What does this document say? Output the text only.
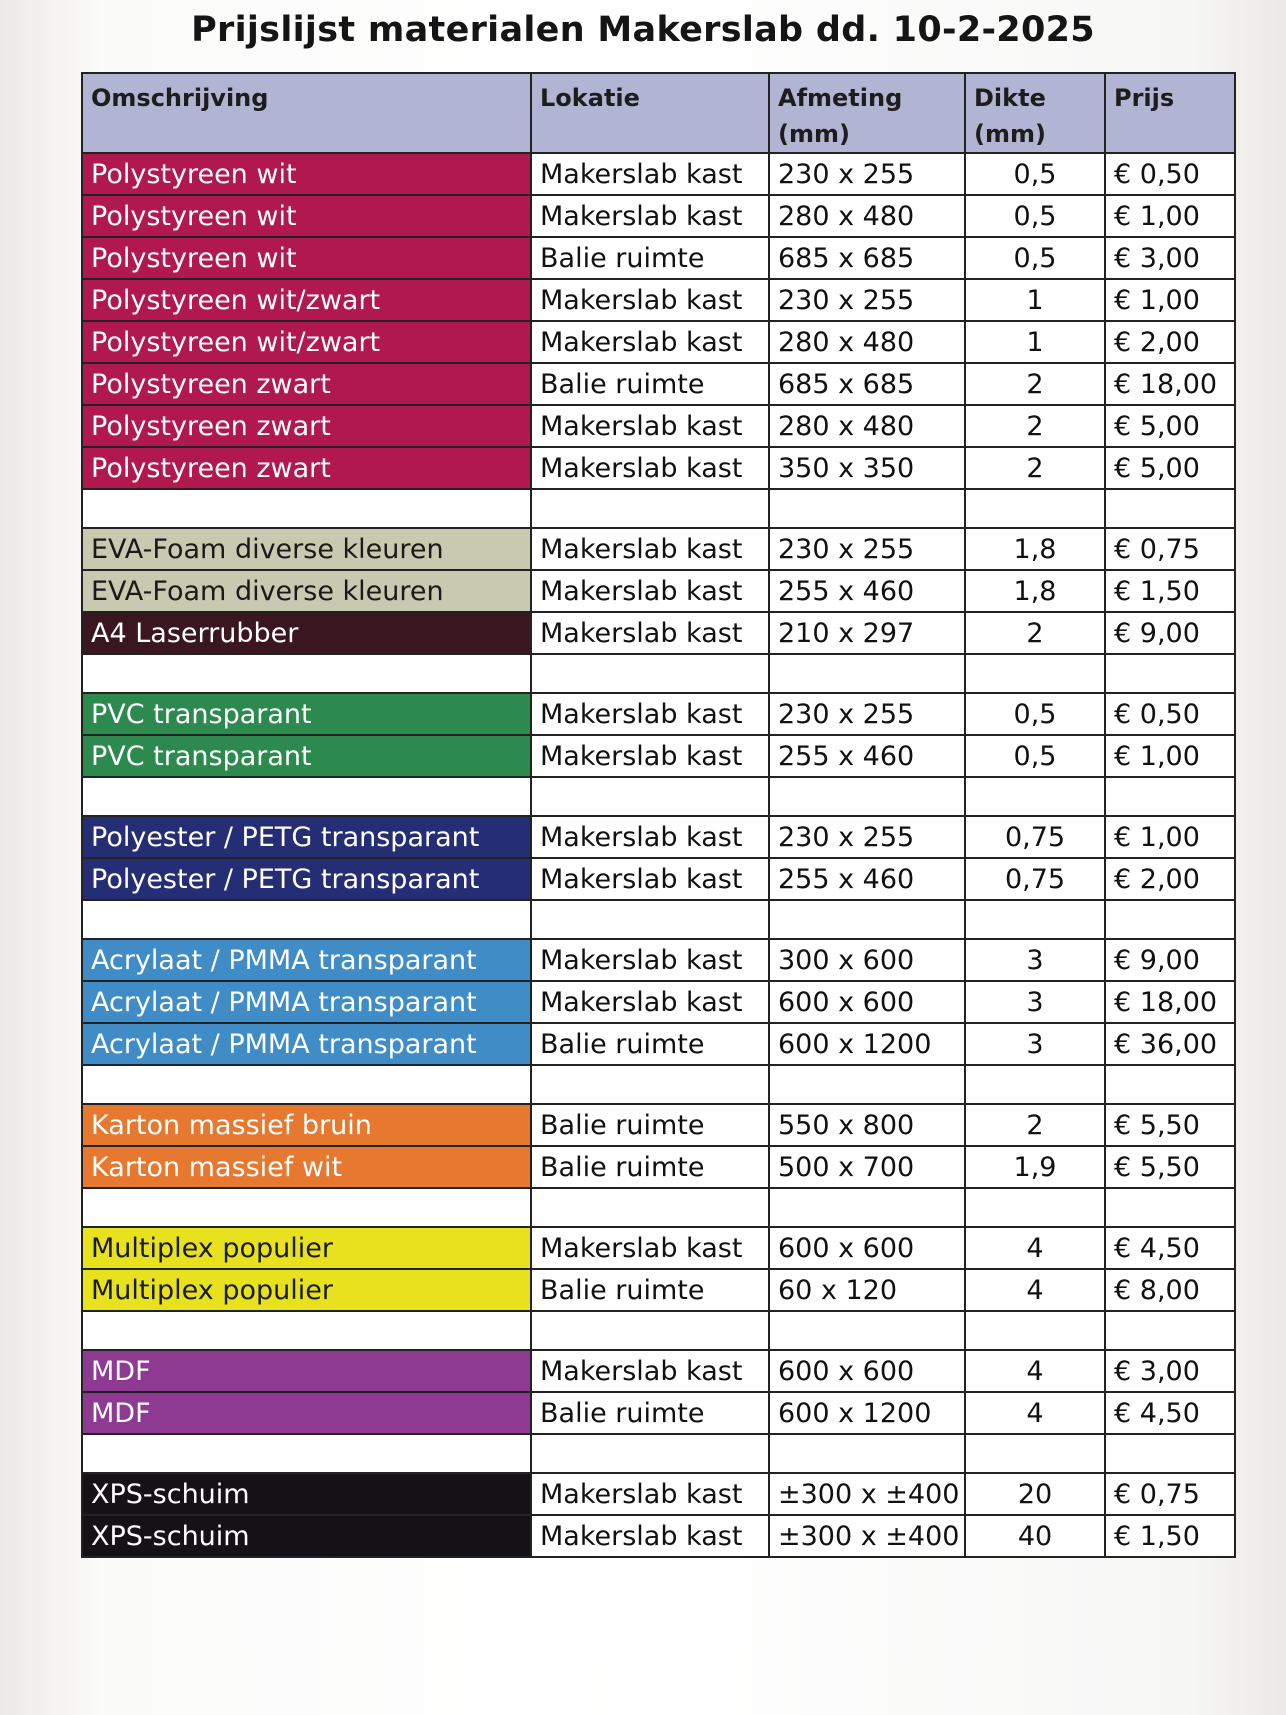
Prijslijst materialen Makerslab dd. 10-2-2025
Omschrijving	Lokatie	Afmeting (mm)	Dikte (mm)	Prijs
Polystyreen wit	Makerslab kast	230 x 255	0,5	€ 0,50
Polystyreen wit	Makerslab kast	280 x 480	0,5	€ 1,00
Polystyreen wit	Balie ruimte	685 x 685	0,5	€ 3,00
Polystyreen wit/zwart	Makerslab kast	230 x 255	1	€ 1,00
Polystyreen wit/zwart	Makerslab kast	280 x 480	1	€ 2,00
Polystyreen zwart	Balie ruimte	685 x 685	2	€ 18,00
Polystyreen zwart	Makerslab kast	280 x 480	2	€ 5,00
Polystyreen zwart	Makerslab kast	350 x 350	2	€ 5,00

EVA-Foam diverse kleuren	Makerslab kast	230 x 255	1,8	€ 0,75
EVA-Foam diverse kleuren	Makerslab kast	255 x 460	1,8	€ 1,50
A4 Laserrubber	Makerslab kast	210 x 297	2	€ 9,00

PVC transparant	Makerslab kast	230 x 255	0,5	€ 0,50
PVC transparant	Makerslab kast	255 x 460	0,5	€ 1,00

Polyester / PETG transparant	Makerslab kast	230 x 255	0,75	€ 1,00
Polyester / PETG transparant	Makerslab kast	255 x 460	0,75	€ 2,00

Acrylaat / PMMA transparant	Makerslab kast	300 x 600	3	€ 9,00
Acrylaat / PMMA transparant	Makerslab kast	600 x 600	3	€ 18,00
Acrylaat / PMMA transparant	Balie ruimte	600 x 1200	3	€ 36,00

Karton massief bruin	Balie ruimte	550 x 800	2	€ 5,50
Karton massief wit	Balie ruimte	500 x 700	1,9	€ 5,50

Multiplex populier	Makerslab kast	600 x 600	4	€ 4,50
Multiplex populier	Balie ruimte	60 x 120	4	€ 8,00

MDF	Makerslab kast	600 x 600	4	€ 3,00
MDF	Balie ruimte	600 x 1200	4	€ 4,50

XPS-schuim	Makerslab kast	±300 x ±400	20	€ 0,75
XPS-schuim	Makerslab kast	±300 x ±400	40	€ 1,50
